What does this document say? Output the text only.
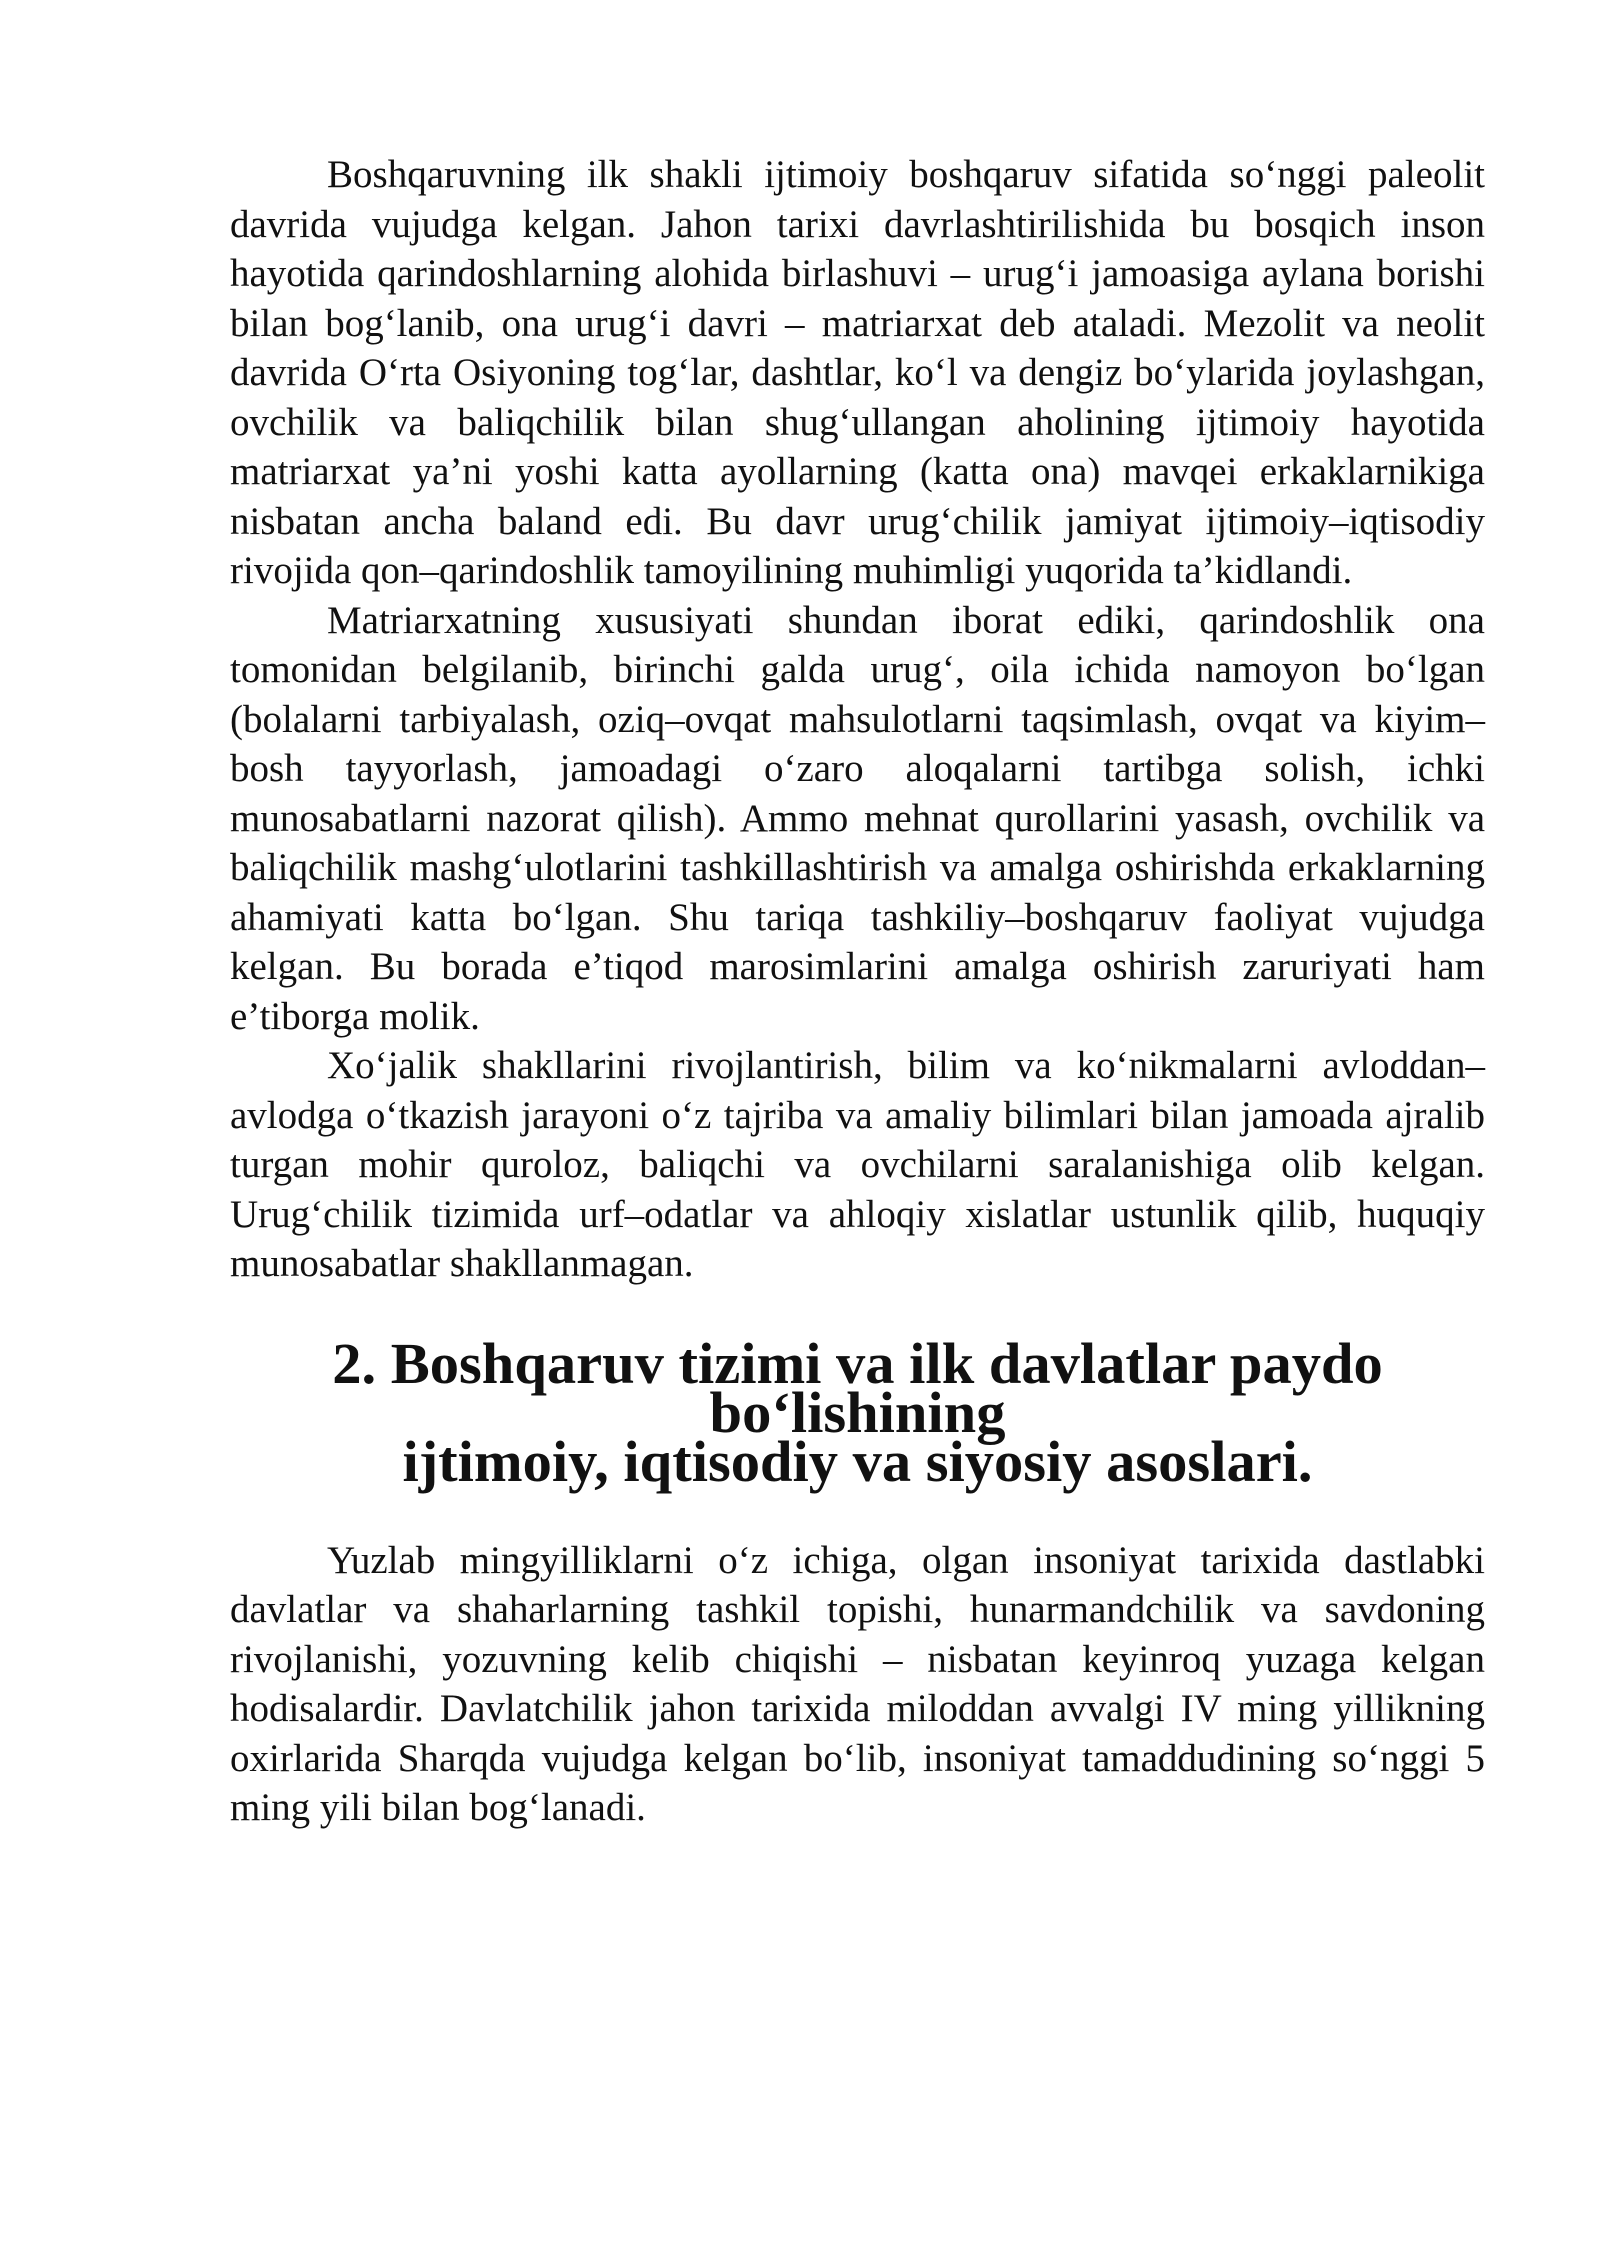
Boshqaruvning ilk shakli ijtimoiy boshqaruv sifatida so‘nggi paleolit davrida vujudga kelgan. Jahon tarixi davrlashtirilishida bu bosqich inson hayotida qarindoshlarning alohida birlashuvi – urug‘i jamoasiga aylana borishi bilan bog‘lanib, ona urug‘i davri – matriarxat deb ataladi. Mezolit va neolit davrida O‘rta Osiyoning tog‘lar, dashtlar, ko‘l va dengiz bo‘ylarida joylashgan, ovchilik va baliqchilik bilan shug‘ullangan aholining ijtimoiy hayotida matriarxat ya’ni yoshi katta ayollarning (katta ona) mavqei erkaklarnikiga nisbatan ancha baland edi. Bu davr urug‘chilik jamiyat ijtimoiy–iqtisodiy rivojida qon–qarindoshlik tamoyilining muhimligi yuqorida ta’kidlandi.

Matriarxatning xususiyati shundan iborat ediki, qarindoshlik ona tomonidan belgilanib, birinchi galda urug‘, oila ichida namoyon bo‘lgan (bolalarni tarbiyalash, oziq–ovqat mahsulotlarni taqsimlash, ovqat va kiyim–bosh tayyorlash, jamoadagi o‘zaro aloqalarni tartibga solish, ichki munosabatlarni nazorat qilish). Ammo mehnat qurollarini yasash, ovchilik va baliqchilik mashg‘ulotlarini tashkillashtirish va amalga oshirishda erkaklarning ahamiyati katta bo‘lgan. Shu tariqa tashkiliy–boshqaruv faoliyat vujudga kelgan. Bu borada e’tiqod marosimlarini amalga oshirish zaruriyati ham e’tiborga molik.

Xo‘jalik shakllarini rivojlantirish, bilim va ko‘nikmalarni avloddan–avlodga o‘tkazish jarayoni o‘z tajriba va amaliy bilimlari bilan jamoada ajralib turgan mohir quroloz, baliqchi va ovchilarni saralanishiga olib kelgan. Urug‘chilik tizimida urf–odatlar va ahloqiy xislatlar ustunlik qilib, huquqiy munosabatlar shakllanmagan.

2. Boshqaruv tizimi va ilk davlatlar paydo bo‘lishining
ijtimoiy, iqtisodiy va siyosiy asoslari.

Yuzlab mingyilliklarni o‘z ichiga, olgan insoniyat tarixida dastlabki davlatlar va shaharlarning tashkil topishi, hunarmandchilik va savdoning rivojlanishi, yozuvning kelib chiqishi – nisbatan keyinroq yuzaga kelgan hodisalardir. Davlatchilik jahon tarixida miloddan avvalgi IV ming yillikning oxirlarida Sharqda vujudga kelgan bo‘lib, insoniyat tamaddudining so‘nggi 5 ming yili bilan bog‘lanadi.
